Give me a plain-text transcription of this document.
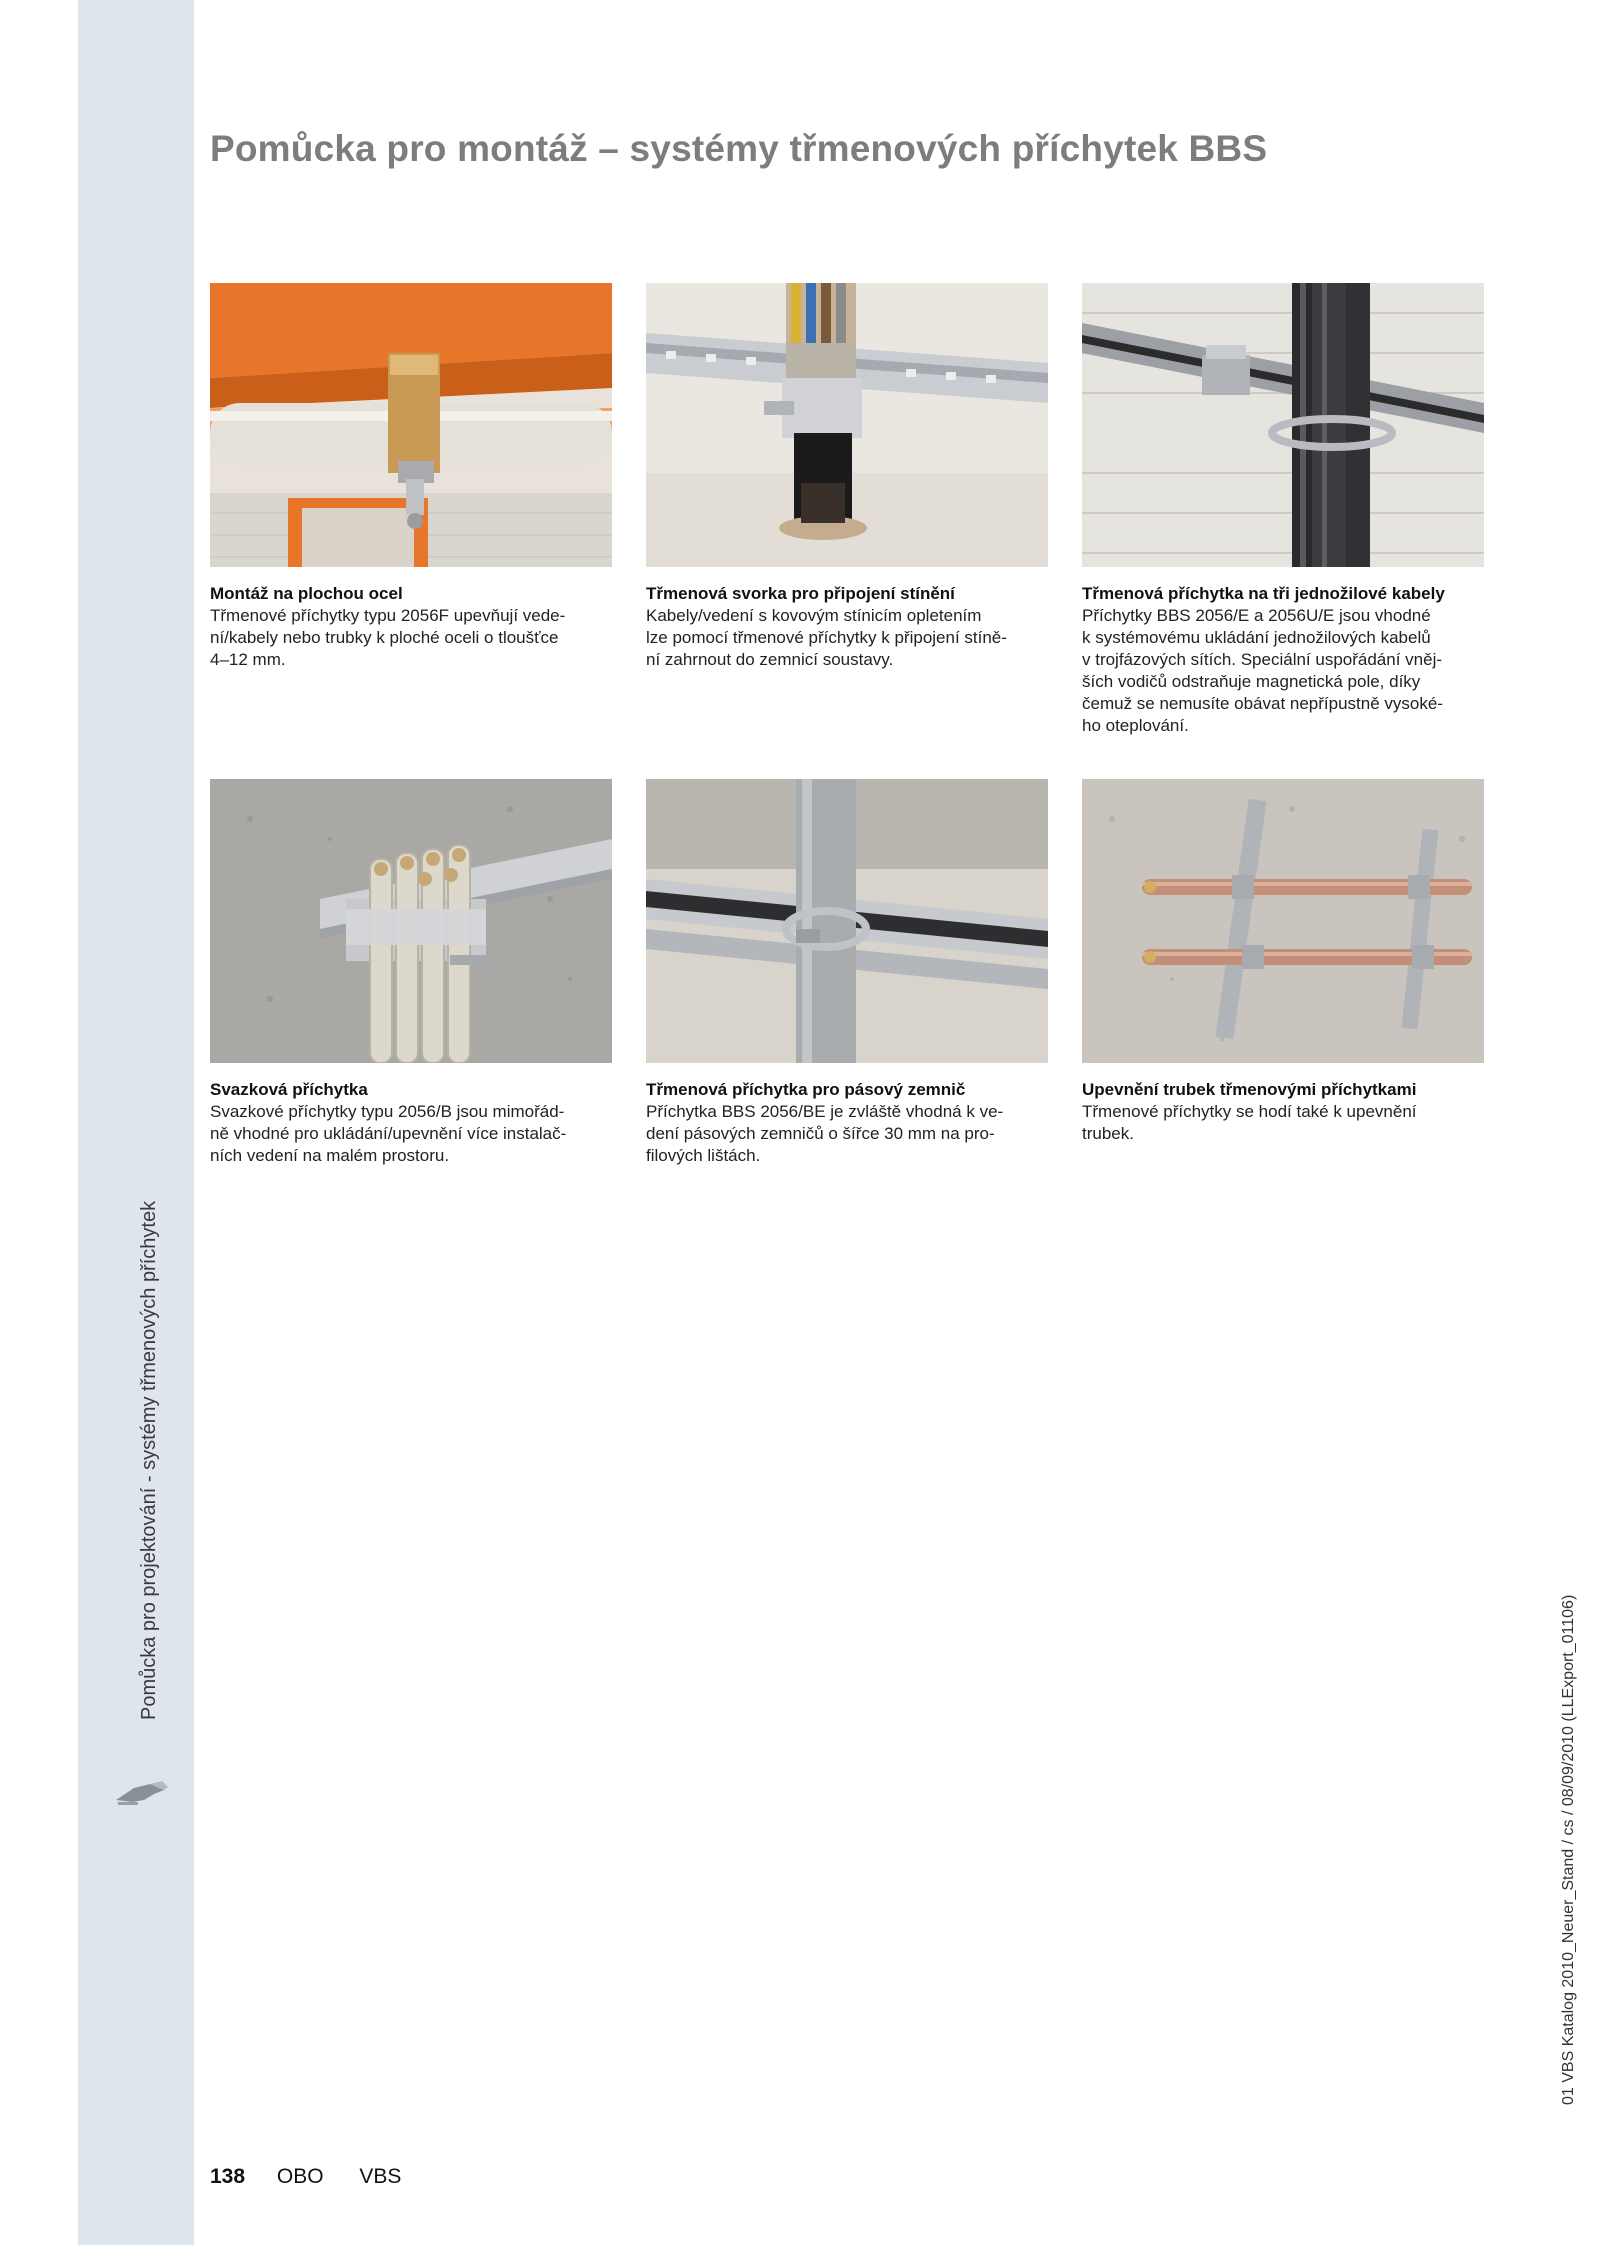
Pomůcka pro projektování - systémy třmenových příchytek
Pomůcka pro montáž – systémy třmenových příchytek BBS
Montáž na plochou ocel
Třmenové příchytky typu 2056F upevňují vede-
ní/kabely nebo trubky k ploché oceli o tloušťce
4–12 mm.
Třmenová svorka pro připojení stínění
Kabely/vedení s kovovým stínicím opletením
lze pomocí třmenové příchytky k připojení stíně-
ní zahrnout do zemnicí soustavy.
Třmenová příchytka na tři jednožilové kabely
Příchytky BBS 2056/E a 2056U/E jsou vhodné
k systémovému ukládání jednožilových kabelů
v trojfázových sítích. Speciální uspořádání vněj-
ších vodičů odstraňuje magnetická pole, díky
čemuž se nemusíte obávat nepřípustně vysoké-
ho oteplování.
Svazková příchytka
Svazkové příchytky typu 2056/B jsou mimořád-
ně vhodné pro ukládání/upevnění více instalač-
ních vedení na malém prostoru.
Třmenová příchytka pro pásový zemnič
Příchytka BBS 2056/BE je zvláště vhodná k ve-
dení pásových zemničů o šířce 30 mm na pro-
filových lištách.
Upevnění trubek třmenovými příchytkami
Třmenové příchytky se hodí také k upevnění
trubek.
138 OBO VBS
01 VBS Katalog 2010_Neuer_Stand / cs / 08/09/2010 (LLExport_01106)
